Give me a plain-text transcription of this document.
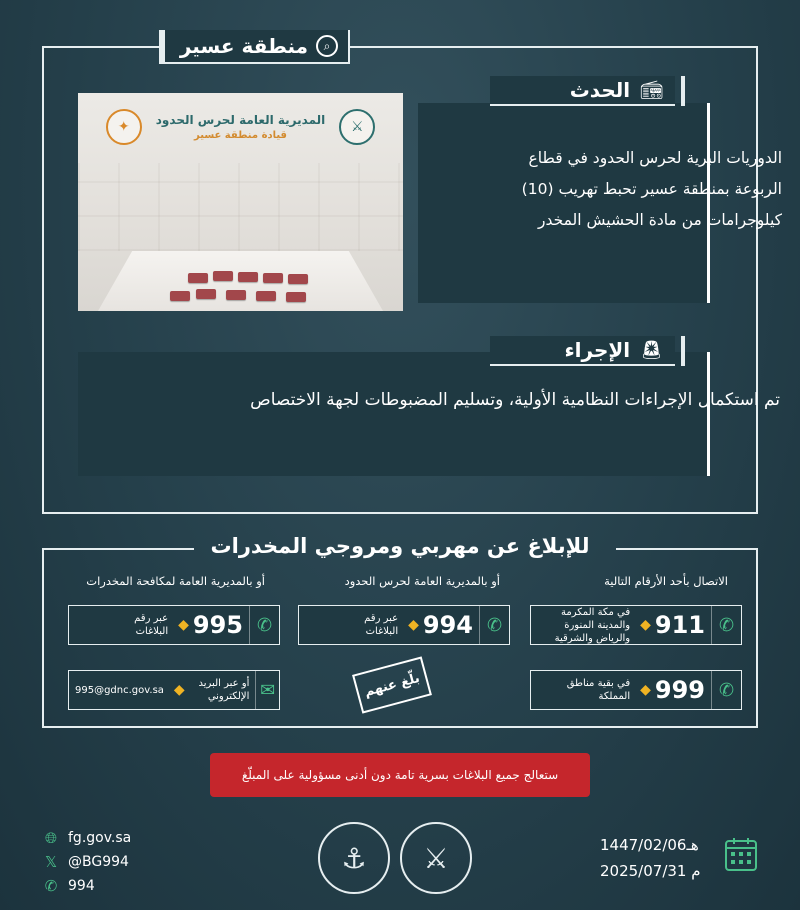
منطقة عسير	⌕
⚔
المديرية العامة لحرس الحدود
قيادة منطقة عسير
✦
الحدث 📻︎
الدوريات البرية لحرس الحدود في قطاع الربوعة بمنطقة عسير تحبط تهريب (10) كيلوجرامات من مادة الحشيش المخدر
الإجراء 🚨︎
تم استكمال الإجراءات النظامية الأولية، وتسليم المضبوطات لجهة الاختصاص
للإبلاغ عن مهربي ومروجي المخدرات
الاتصال بأحد الأرقام التالية
أو بالمديرية العامة لحرس الحدود
أو بالمديرية العامة لمكافحة المخدرات
✆
911
◆
في مكة المكرمة والمدينة المنورة والرياض والشرقية
✆
999
◆
في بقية مناطق المملكة
✆
994
◆
عبر رقم البلاغات
✆
995
◆
عبر رقم البلاغات
✉
أو عبر البريد الإلكتروني
◆
995@gdnc.gov.sa	بلّغ عنهم
ستعالج جميع البلاغات بسرية تامة دون أدنى مسؤولية على المبلّغ
🌐︎ fg.gov.sa
𝕏 @BG994
✆ 994
⚓	⚔	1447/02/06هـ
2025/07/31 م
